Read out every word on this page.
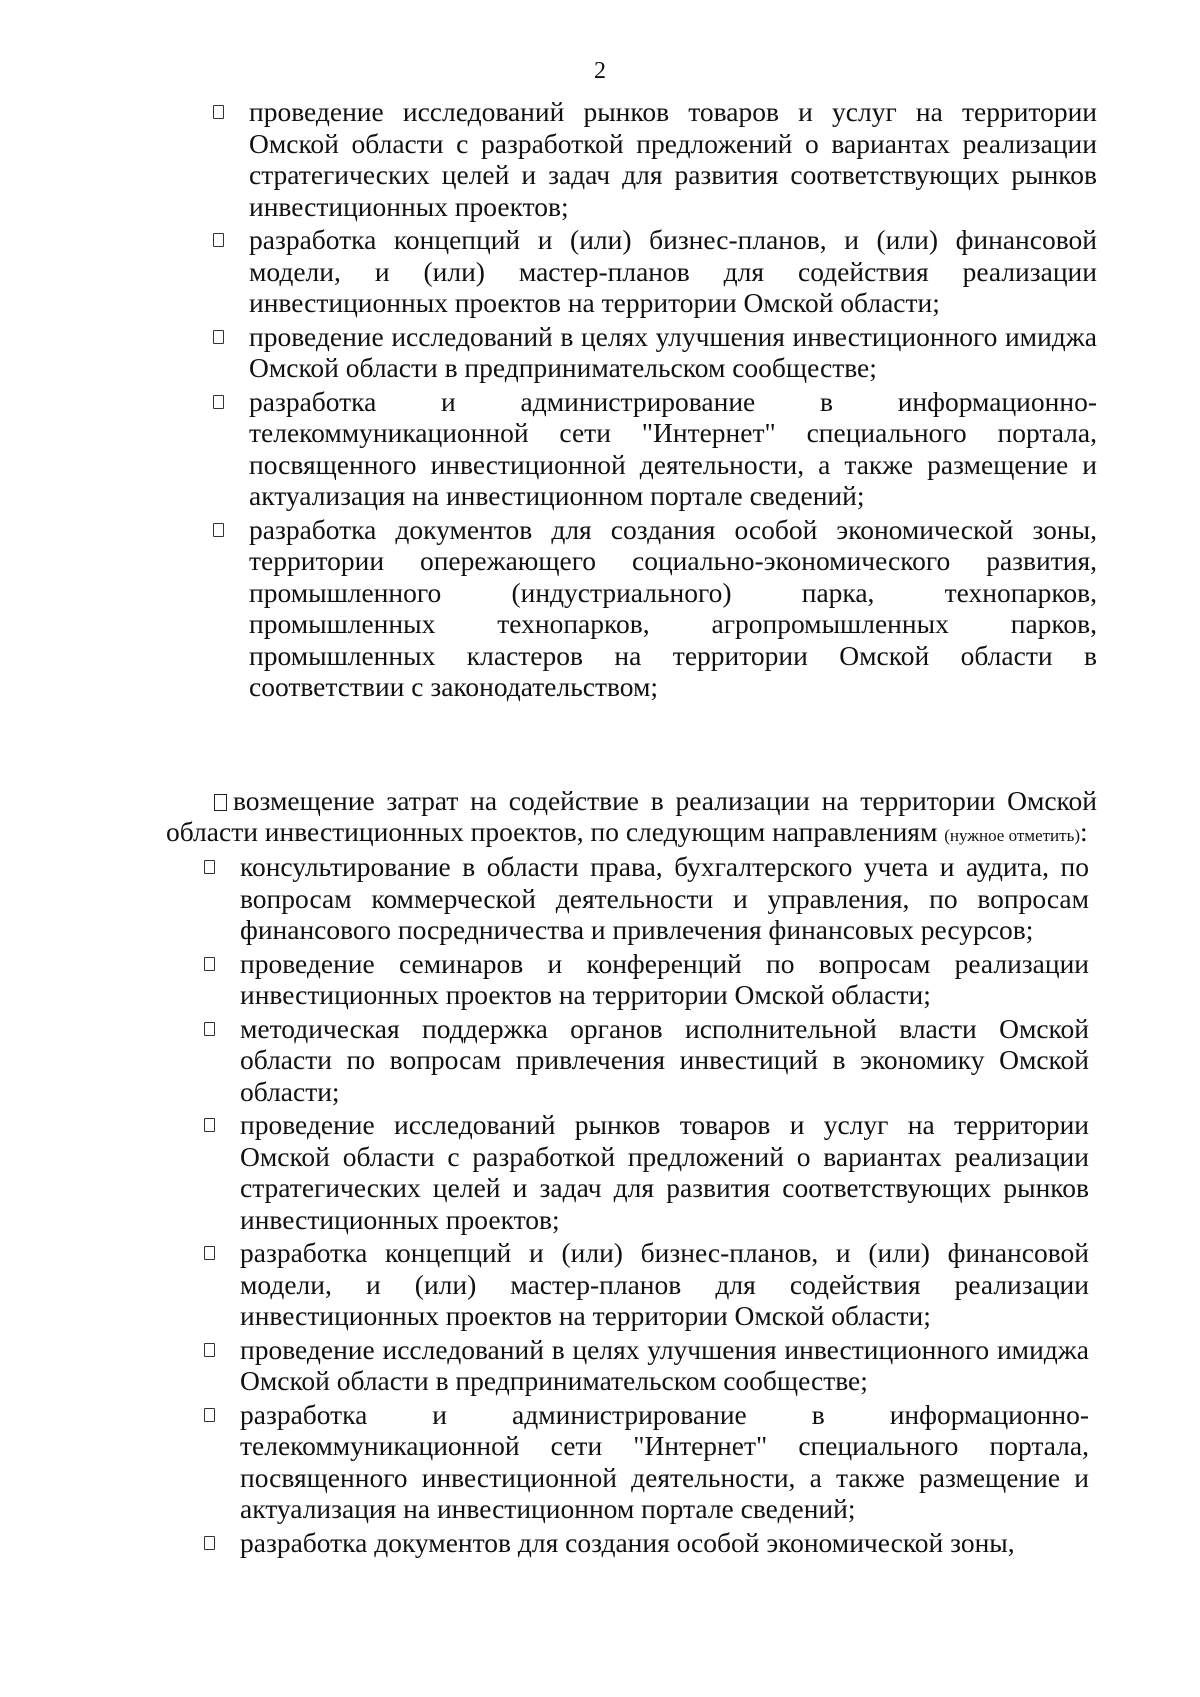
2
проведение исследований рынков товаров и услуг на территории Омской области с разработкой предложений о вариантах реализации стратегических целей и задач для развития соответствующих рынков инвестиционных проектов;
разработка концепций и (или) бизнес-планов, и (или) финансовой модели, и (или) мастер-планов для содействия реализации инвестиционных проектов на территории Омской области;
проведение исследований в целях улучшения инвестиционного имиджа Омской области в предпринимательском сообществе;
разработка и администрирование в информационно-телекоммуникационной сети "Интернет" специального портала, посвященного инвестиционной деятельности, а также размещение и актуализация на инвестиционном портале сведений;
разработка документов для создания особой экономической зоны, территории опережающего социально-экономического развития, промышленного (индустриального) парка, технопарков, промышленных технопарков, агропромышленных парков, промышленных кластеров на территории Омской области в соответствии с законодательством;

возмещение затрат на содействие в реализации на территории Омской области инвестиционных проектов, по следующим направлениям (нужное отметить):

консультирование в области права, бухгалтерского учета и аудита, по вопросам коммерческой деятельности и управления, по вопросам финансового посредничества и привлечения финансовых ресурсов;
проведение семинаров и конференций по вопросам реализации инвестиционных проектов на территории Омской области;
методическая поддержка органов исполнительной власти Омской области по вопросам привлечения инвестиций в экономику Омской области;
проведение исследований рынков товаров и услуг на территории Омской области с разработкой предложений о вариантах реализации стратегических целей и задач для развития соответствующих рынков инвестиционных проектов;
разработка концепций и (или) бизнес-планов, и (или) финансовой модели, и (или) мастер-планов для содействия реализации инвестиционных проектов на территории Омской области;
проведение исследований в целях улучшения инвестиционного имиджа Омской области в предпринимательском сообществе;
разработка и администрирование в информационно-телекоммуникационной сети "Интернет" специального портала, посвященного инвестиционной деятельности, а также размещение и актуализация на инвестиционном портале сведений;
разработка документов для создания особой экономической зоны,
